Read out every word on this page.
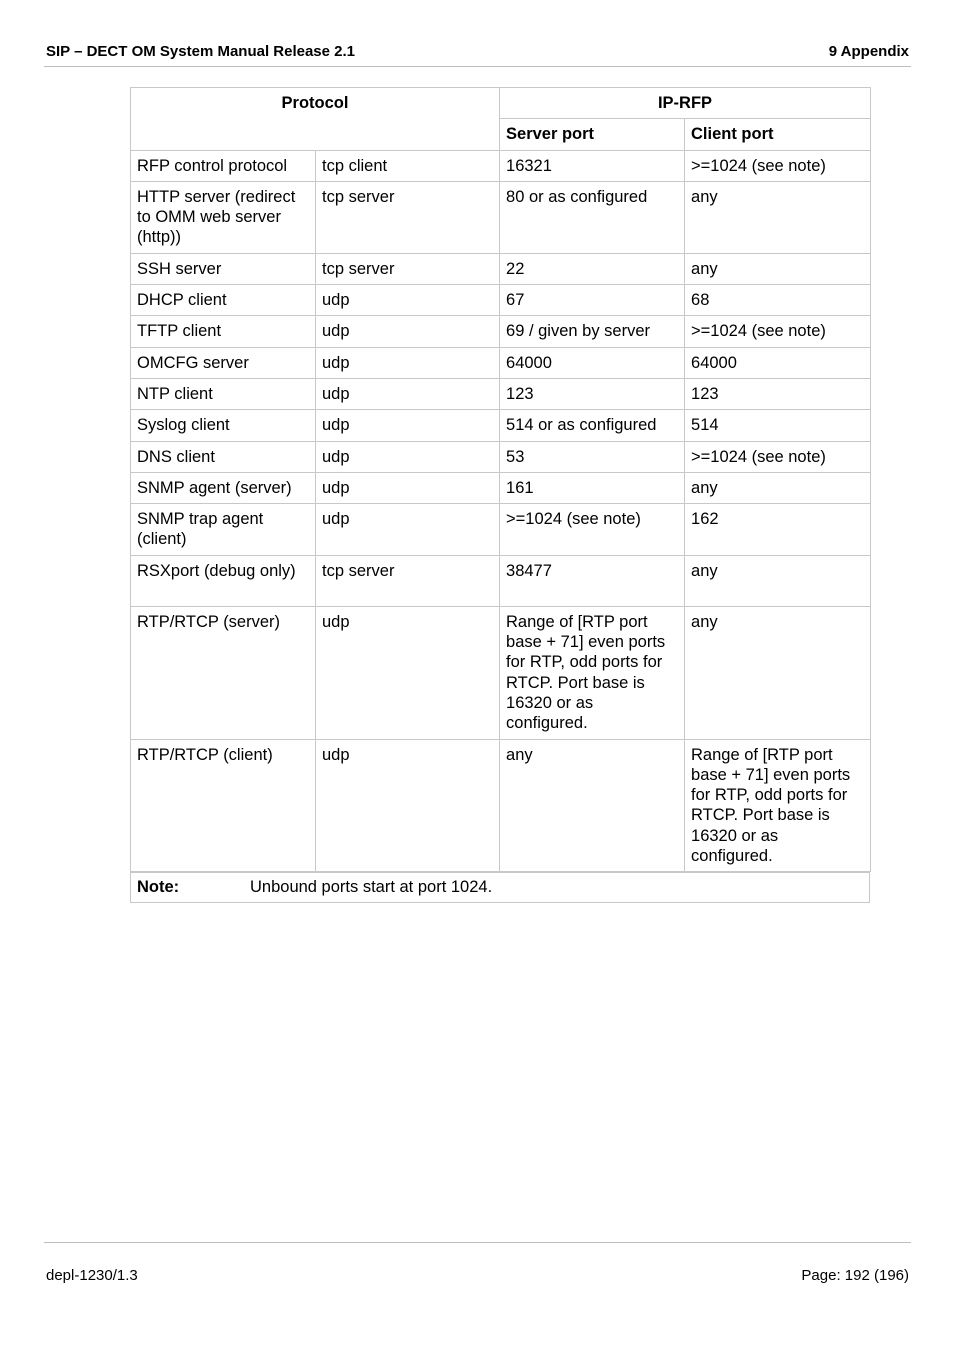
SIP – DECT OM System Manual Release 2.1	9 Appendix
Protocol		IP-RFP	
		Server port	Client port
RFP control protocol	tcp client	16321	>=1024 (see note)
HTTP server (redirect to OMM web server (http))	tcp server	80 or as configured	any
SSH server	tcp server	22	any
DHCP client	udp	67	68
TFTP client	udp	69 / given by server	>=1024 (see note)
OMCFG server	udp	64000	64000
NTP client	udp	123	123
Syslog client	udp	514 or as configured	514
DNS client	udp	53	>=1024 (see note)
SNMP agent (server)	udp	161	any
SNMP trap agent (client)	udp	>=1024 (see note)	162
RSXport (debug only)	tcp server	38477	any
RTP/RTCP (server)	udp	Range of [RTP port base + 71] even ports for RTP, odd ports for RTCP. Port base is 16320 or as configured.	any
RTP/RTCP (client)	udp	any	Range of [RTP port base + 71] even ports for RTP, odd ports for RTCP. Port base is 16320 or as configured.
Note:	Unbound ports start at port 1024.
depl-1230/1.3	Page: 192 (196)
